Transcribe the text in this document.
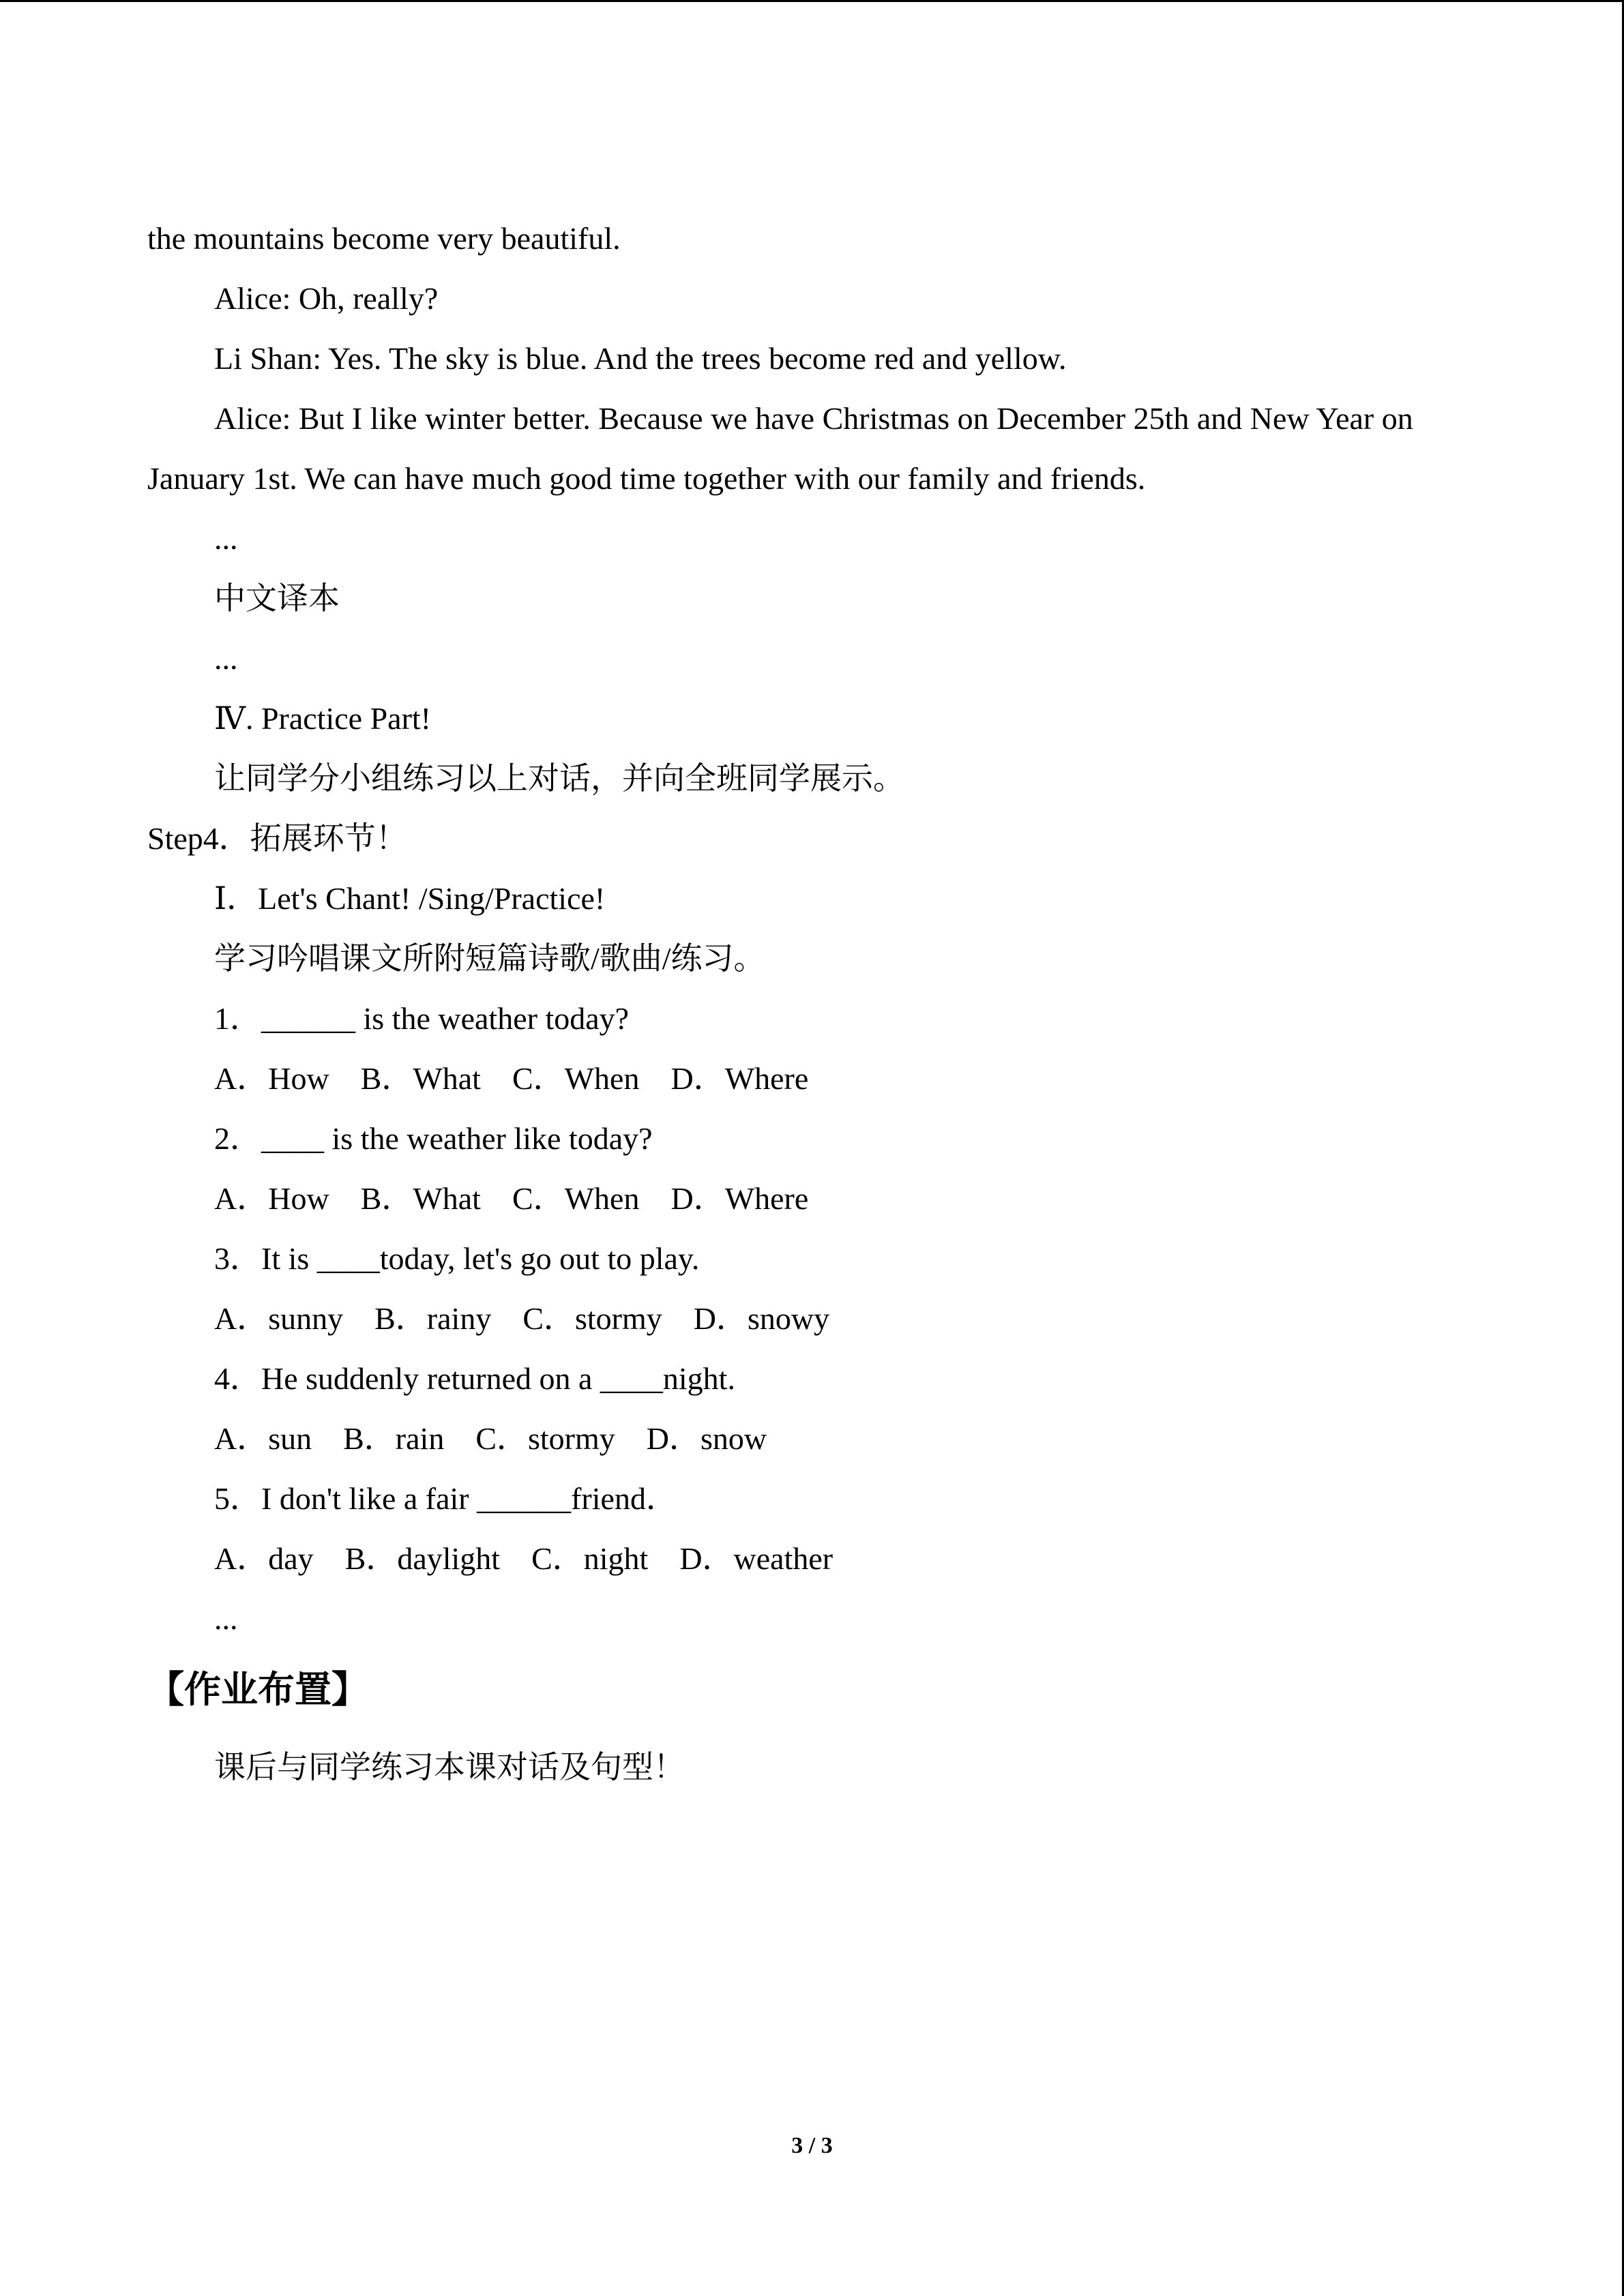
the mountains become very beautiful.
Alice: Oh, really?
Li Shan: Yes. The sky is blue. And the trees become red and yellow.
Alice: But I like winter better. Because we have Christmas on December 25th and New Year on
January 1st. We can have much good time together with our family and friends.
...
中文译本
...
Ⅳ. Practice Part!
让同学分小组练习以上对话，并向全班同学展示。
Step4．拓展环节！
Ⅰ．Let's Chant! /Sing/Practice!
学习吟唱课文所附短篇诗歌/歌曲/练习。
1．______ is the weather today?
A．How    B．What    C．When    D．Where
2．____ is the weather like today?
A．How    B．What    C．When    D．Where
3．It is ____today, let's go out to play.
A．sunny    B．rainy    C．stormy    D．snowy
4．He suddenly returned on a ____night.
A．sun    B．rain    C．stormy    D．snow
5．I don't like a fair ______friend．
A．day    B．daylight    C．night    D．weather
...
【作业布置】
课后与同学练习本课对话及句型！
3 / 3
